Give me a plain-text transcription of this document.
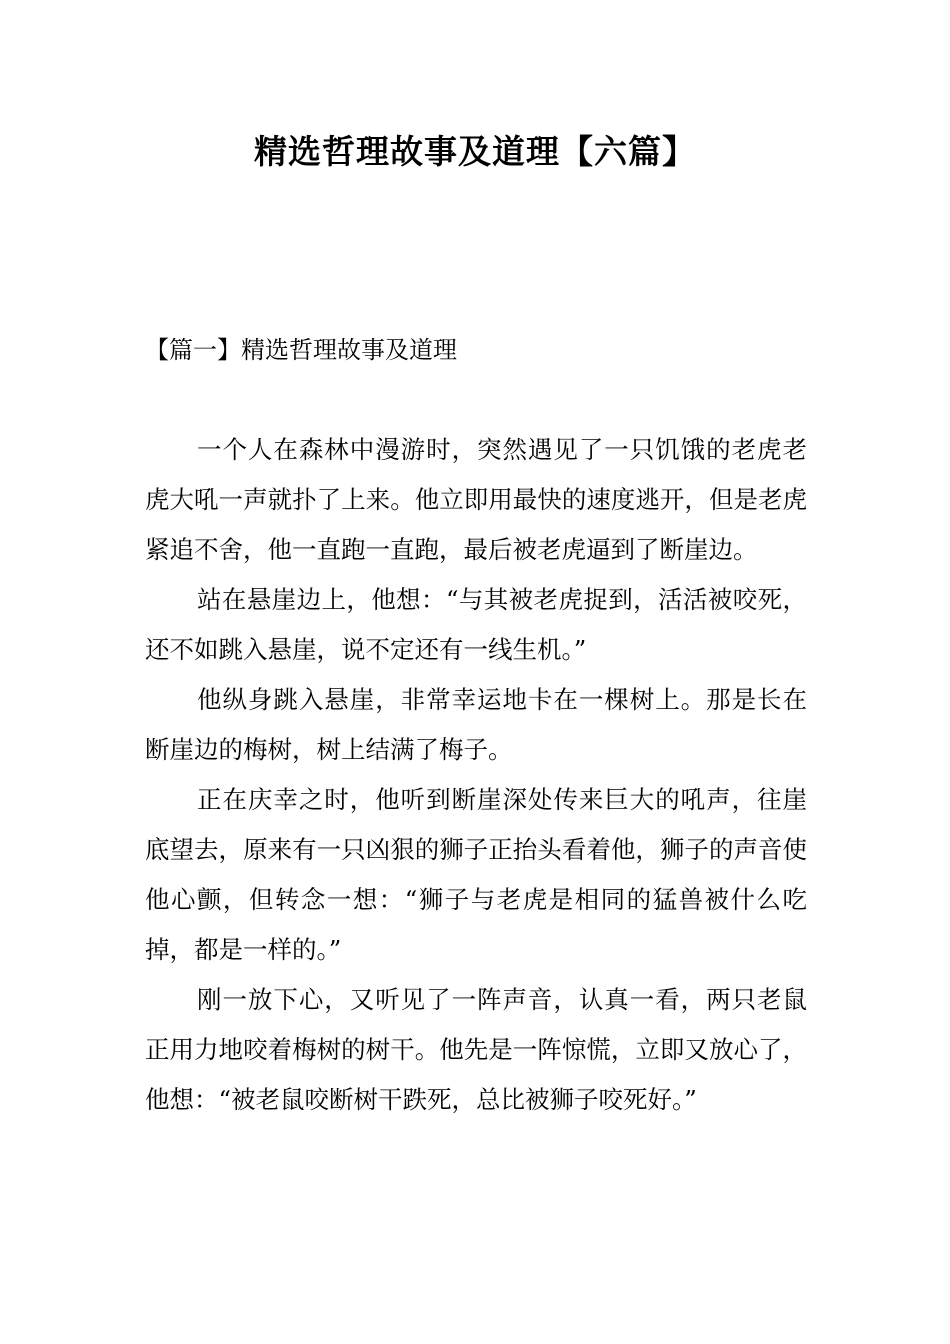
精选哲理故事及道理【六篇】
【篇一】精选哲理故事及道理

一个人在森林中漫游时，突然遇见了一只饥饿的老虎老虎大吼一声就扑了上来。他立即用最快的速度逃开，但是老虎紧追不舍，他一直跑一直跑，最后被老虎逼到了断崖边。

站在悬崖边上，他想：“与其被老虎捉到，活活被咬死，还不如跳入悬崖，说不定还有一线生机。”

他纵身跳入悬崖，非常幸运地卡在一棵树上。那是长在断崖边的梅树，树上结满了梅子。

正在庆幸之时，他听到断崖深处传来巨大的吼声，往崖底望去，原来有一只凶狠的狮子正抬头看着他，狮子的声音使他心颤，但转念一想：“狮子与老虎是相同的猛兽被什么吃掉，都是一样的。”

刚一放下心，又听见了一阵声音，认真一看，两只老鼠正用力地咬着梅树的树干。他先是一阵惊慌，立即又放心了，他想：“被老鼠咬断树干跌死，总比被狮子咬死好。”
